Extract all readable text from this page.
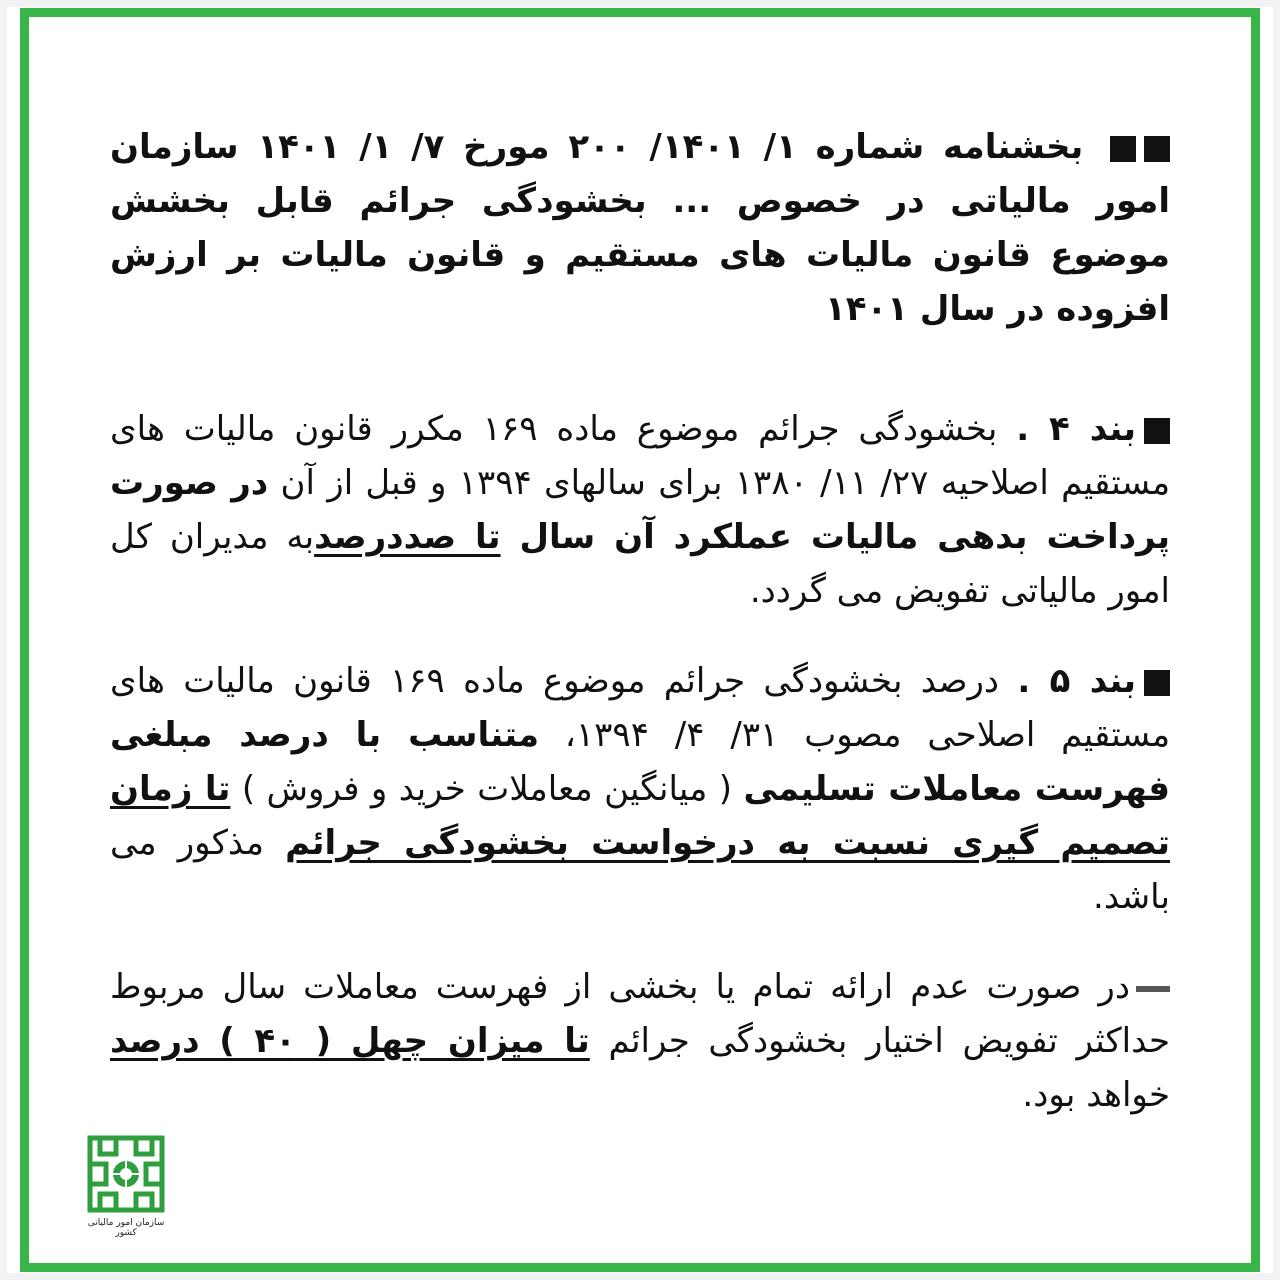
بخشنامه شماره ۱/ ۱۴۰۱/ ۲۰۰ مورخ ۷/ ۱/ ۱۴۰۱ سازمان امور مالیاتی در خصوص ... بخشودگی جرائم قابل بخشش موضوع قانون مالیات های مستقیم و قانون مالیات بر ارزش افزوده در سال ۱۴۰۱

بند ۴ . بخشودگی جرائم موضوع ماده ۱۶۹ مکرر قانون مالیات های مستقیم اصلاحیه ۲۷/ ۱۱/ ۱۳۸۰ برای سالهای ۱۳۹۴ و قبل از آن در صورت پرداخت بدهی مالیات عملکرد آن سال تا صددرصدبه مدیران کل امور مالیاتی تفویض می گردد.

بند ۵ . درصد بخشودگی جرائم موضوع ماده ۱۶۹ قانون مالیات های مستقیم اصلاحی مصوب ۳۱/ ۴/ ۱۳۹۴، متناسب با درصد مبلغی فهرست معاملات تسلیمی ( میانگین معاملات خرید و فروش ) تا زمان تصمیم گیری نسبت به درخواست بخشودگی جرائم مذکور می باشد.

در صورت عدم ارائه تمام یا بخشی از فهرست معاملات سال مربوط حداکثر تفویض اختیار بخشودگی جرائم تا میزان چهل ( ۴۰ ) درصد خواهد بود.

سازمان امور مالیاتی کشور
